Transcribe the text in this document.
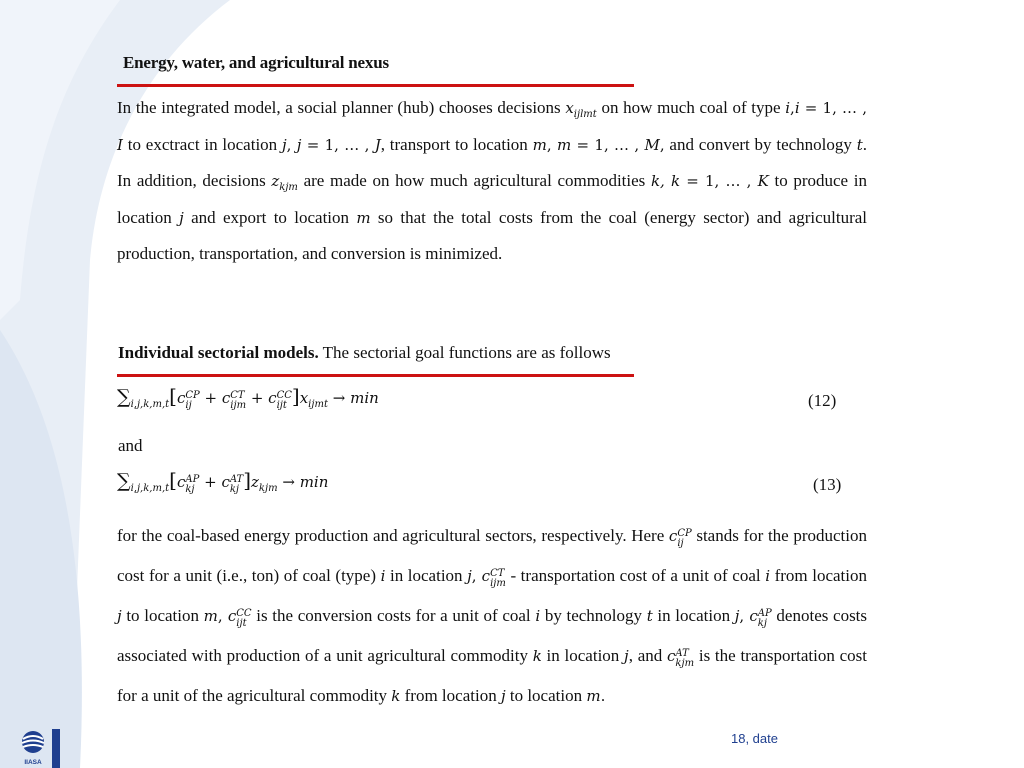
Energy, water, and agricultural nexus
In the integrated model, a social planner (hub) chooses decisions $x_{ijlmt}$ on how much coal of type i,i = 1, … , I to exctract in location j, j = 1, … , J, transport to location m, m = 1, … , M, and convert by technology t. In addition, decisions $z_{kjm}$ are made on how much agricultural commodities k, k = 1, … , K to produce in location j and export to location m so that the total costs from the coal (energy sector) and agricultural production, transportation, and conversion is minimized.
Individual sectorial models. The sectorial goal functions are as follows
$\sum_{i,j,k,m,t}[c$ CP
ij + c CT
ijm + c CC
ijt ]$x_{ijmt} \to \min$	(12)
and
$\sum_{i,j,k,m,t}[c$ AP
kj + c AT
kj ]$z_{kjm} \to \min$	(13)
for the coal-based energy production and agricultural sectors, respectively. Here c CP
ij stands for the production cost for a unit (i.e., ton) of coal (type) i in location j, c CT
ijm - transportation cost of a unit of coal i from location j to location m, c CC
ijt is the conversion costs for a unit of coal i by technology t in location j, c AP
kj denotes costs associated with production of a unit agricultural commodity k in location j, and c AT
kjm is the transportation cost for a unit of the agricultural commodity k from location j to location m.
IIASA
18, date
